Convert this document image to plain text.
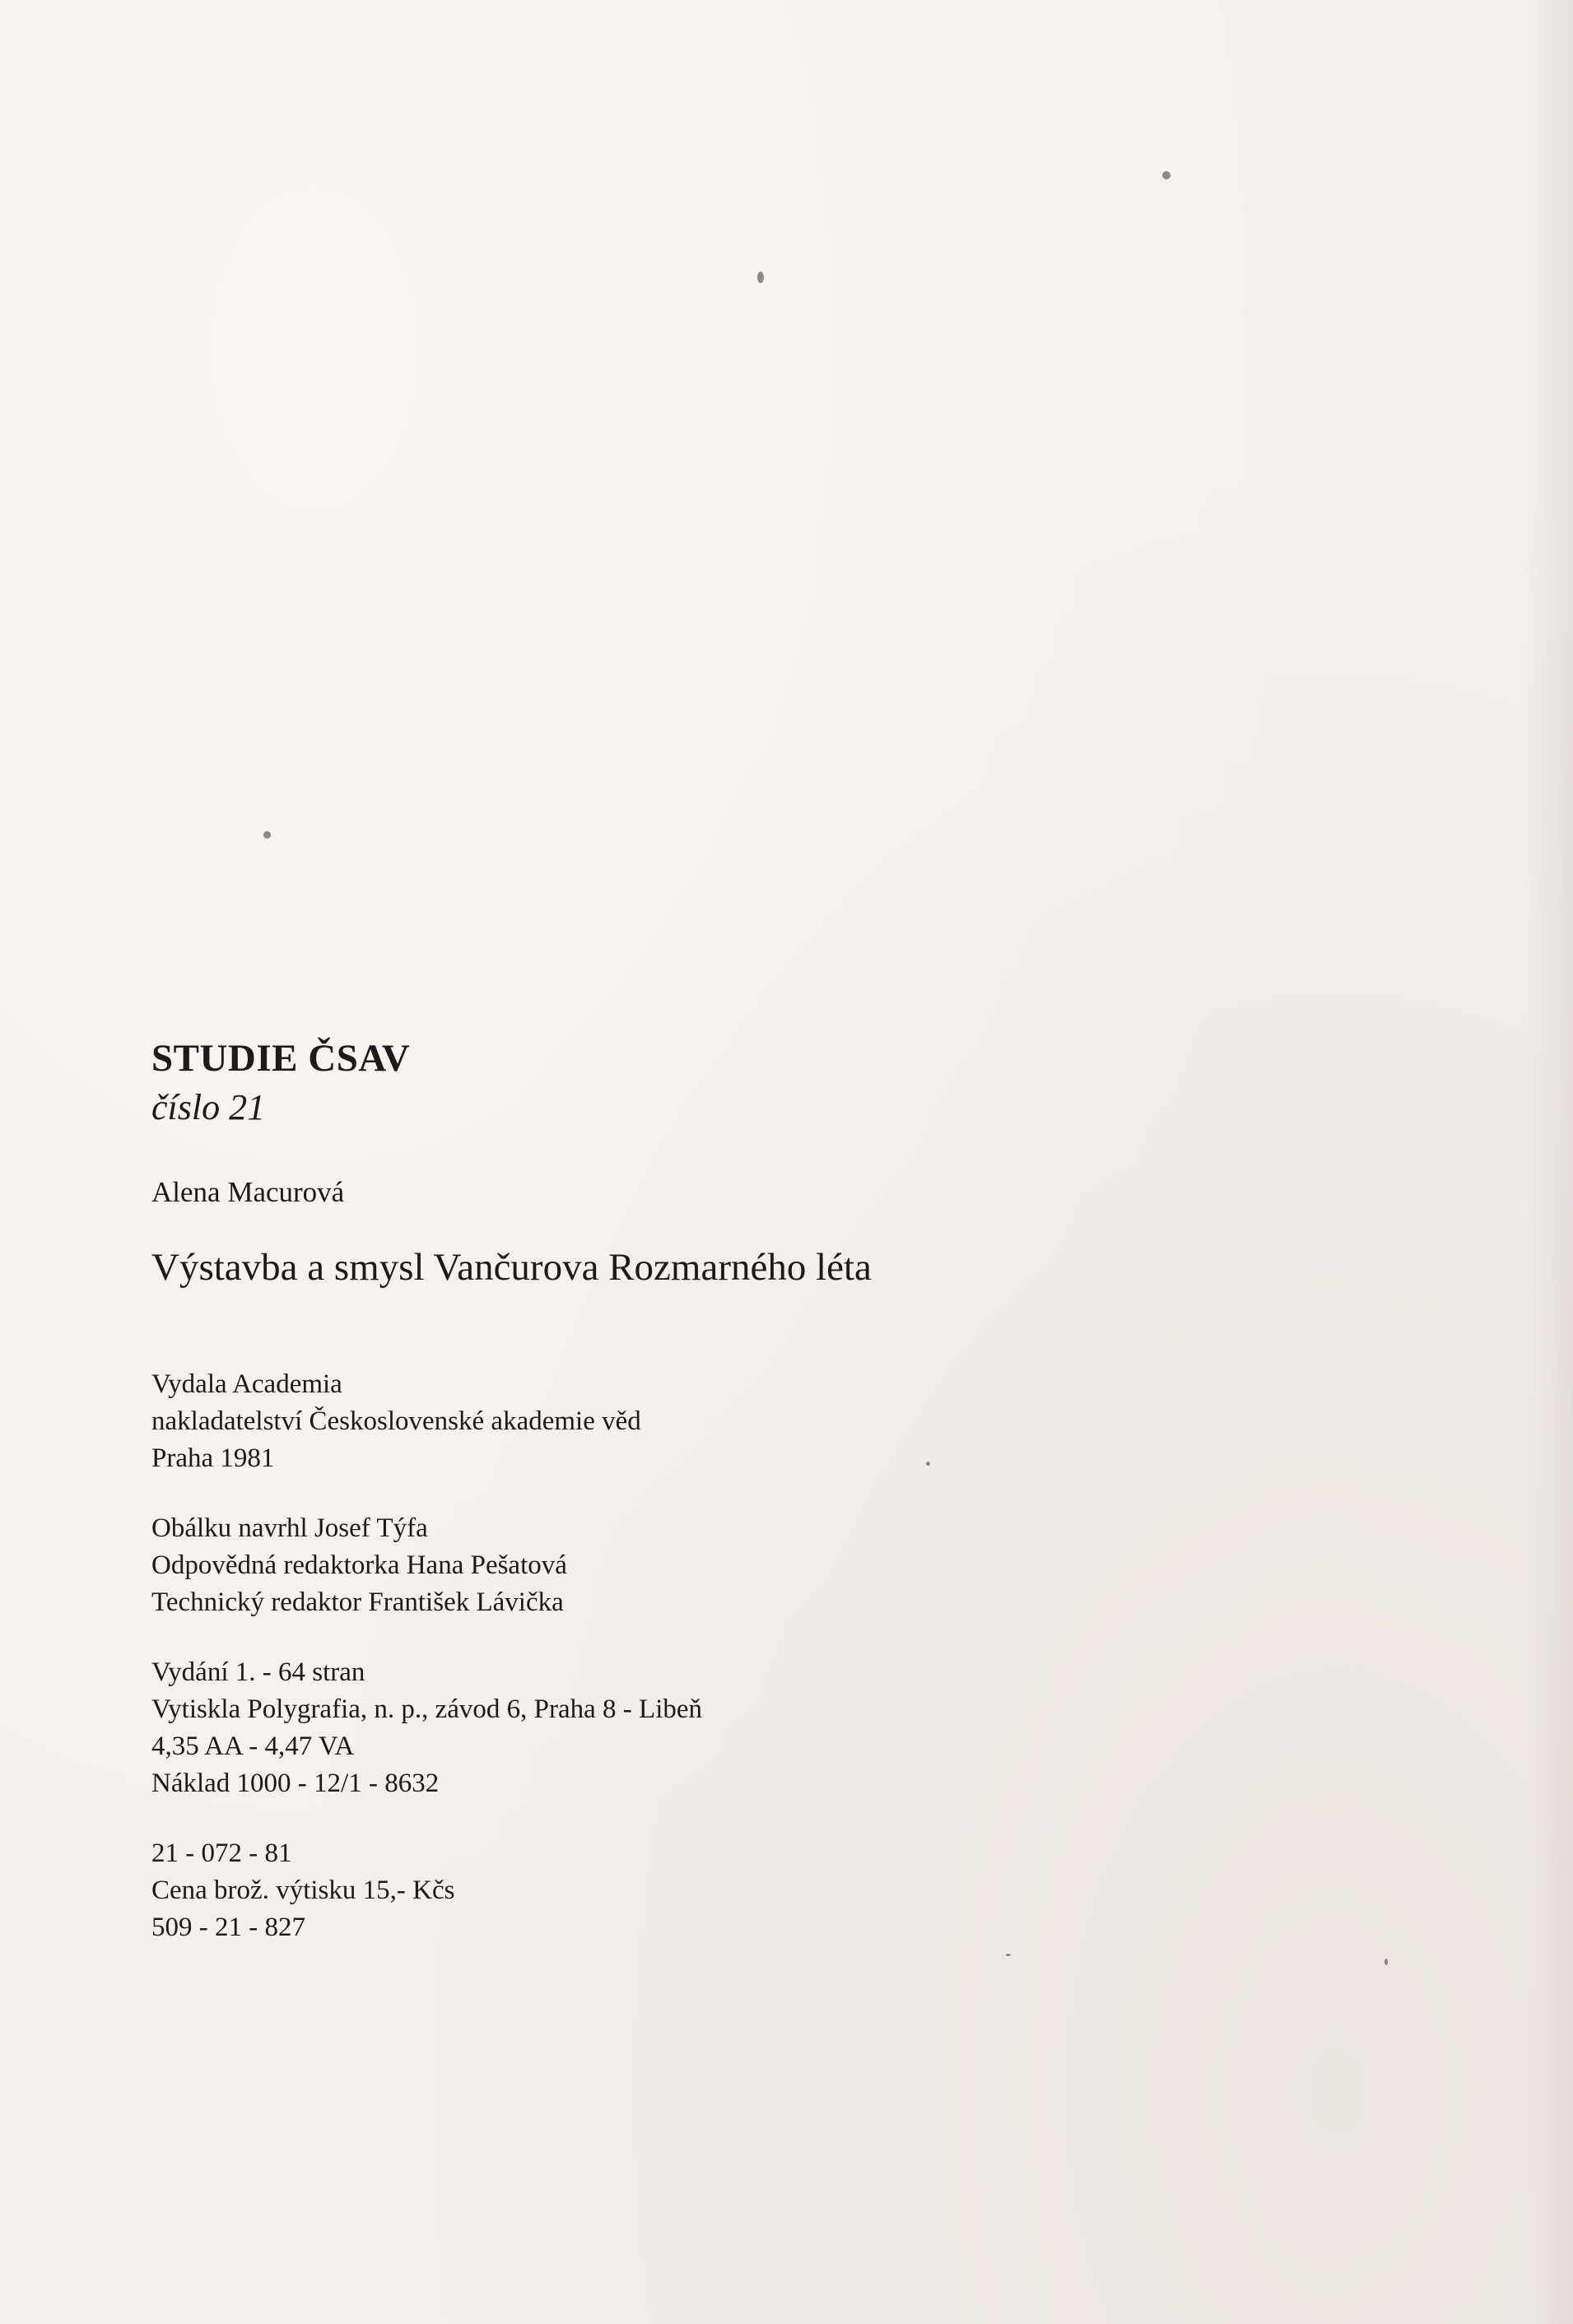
STUDIE ČSAV

číslo 21

Alena Macurová

Výstavba a smysl Vančurova Rozmarného léta

Vydala Academia

nakladatelství Československé akademie věd

Praha 1981

Obálku navrhl Josef Týfa

Odpovědná redaktorka Hana Pešatová

Technický redaktor František Lávička

Vydání 1. - 64 stran

Vytiskla Polygrafia, n. p., závod 6, Praha 8 - Libeň

4,35 AA - 4,47 VA

Náklad 1000 - 12/1 - 8632

21 - 072 - 81

Cena brož. výtisku 15,- Kčs

509 - 21 - 827
